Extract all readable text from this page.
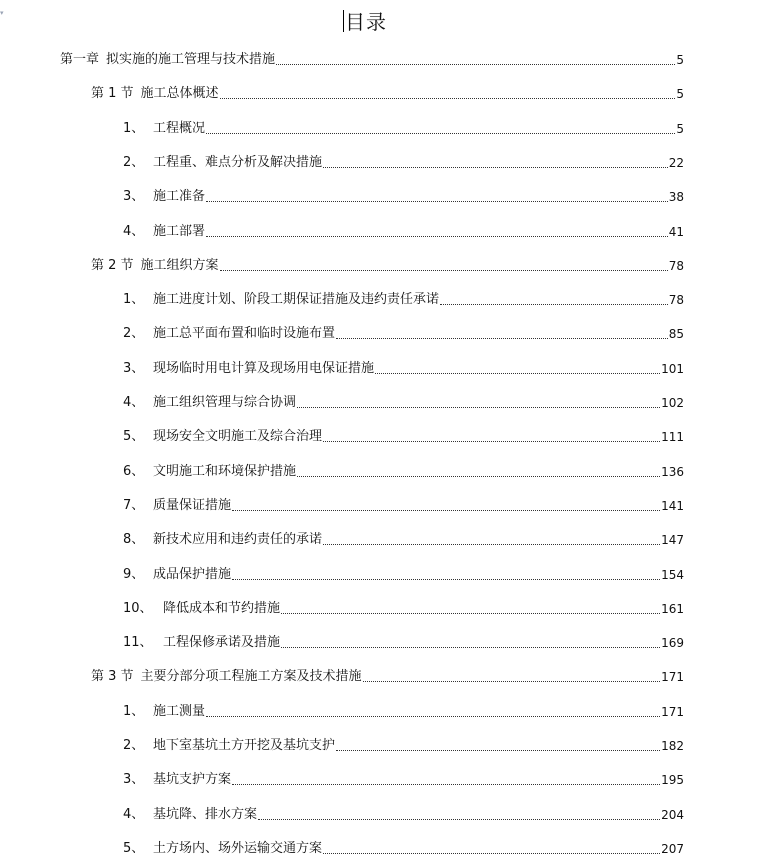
▾	目录
第一章 拟实施的施工管理与技术措施	5
第 1 节 施工总体概述	5
1、 工程概况	5
2、 工程重、难点分析及解决措施	22
3、 施工准备	38
4、 施工部署	41
第 2 节 施工组织方案	78
1、 施工进度计划、阶段工期保证措施及违约责任承诺	78
2、 施工总平面布置和临时设施布置	85
3、 现场临时用电计算及现场用电保证措施	101
4、 施工组织管理与综合协调	102
5、 现场安全文明施工及综合治理	111
6、 文明施工和环境保护措施	136
7、 质量保证措施	141
8、 新技术应用和违约责任的承诺	147
9、 成品保护措施	154
10、 降低成本和节约措施	161
11、 工程保修承诺及措施	169
第 3 节 主要分部分项工程施工方案及技术措施	171
1、 施工测量	171
2、 地下室基坑土方开挖及基坑支护	182
3、 基坑支护方案	195
4、 基坑降、排水方案	204
5、 土方场内、场外运输交通方案	207
